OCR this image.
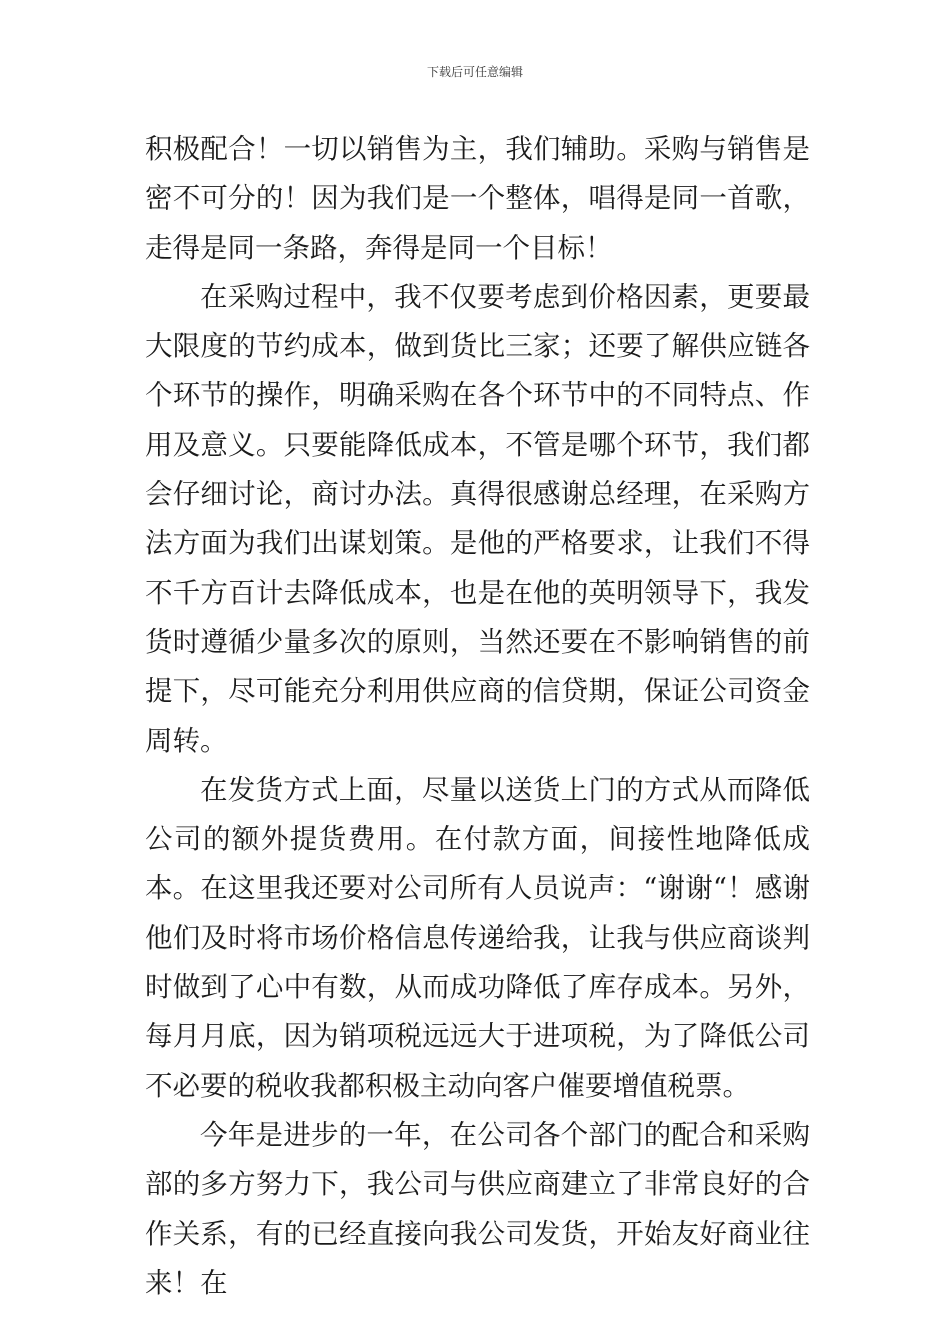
下载后可任意编辑

积极配合！一切以销售为主，我们辅助。采购与销售是密不可分的！因为我们是一个整体，唱得是同一首歌，走得是同一条路，奔得是同一个目标！

在采购过程中，我不仅要考虑到价格因素，更要最大限度的节约成本，做到货比三家；还要了解供应链各个环节的操作，明确采购在各个环节中的不同特点、作用及意义。只要能降低成本，不管是哪个环节，我们都会仔细讨论，商讨办法。真得很感谢总经理，在采购方法方面为我们出谋划策。是他的严格要求，让我们不得不千方百计去降低成本，也是在他的英明领导下，我发货时遵循少量多次的原则，当然还要在不影响销售的前提下，尽可能充分利用供应商的信贷期，保证公司资金周转。

在发货方式上面，尽量以送货上门的方式从而降低公司的额外提货费用。在付款方面，间接性地降低成本。在这里我还要对公司所有人员说声：“谢谢“！感谢他们及时将市场价格信息传递给我，让我与供应商谈判时做到了心中有数，从而成功降低了库存成本。另外，每月月底，因为销项税远远大于进项税，为了降低公司不必要的税收我都积极主动向客户催要增值税票。

今年是进步的一年，在公司各个部门的配合和采购部的多方努力下，我公司与供应商建立了非常良好的合作关系，有的已经直接向我公司发货，开始友好商业往来！在
